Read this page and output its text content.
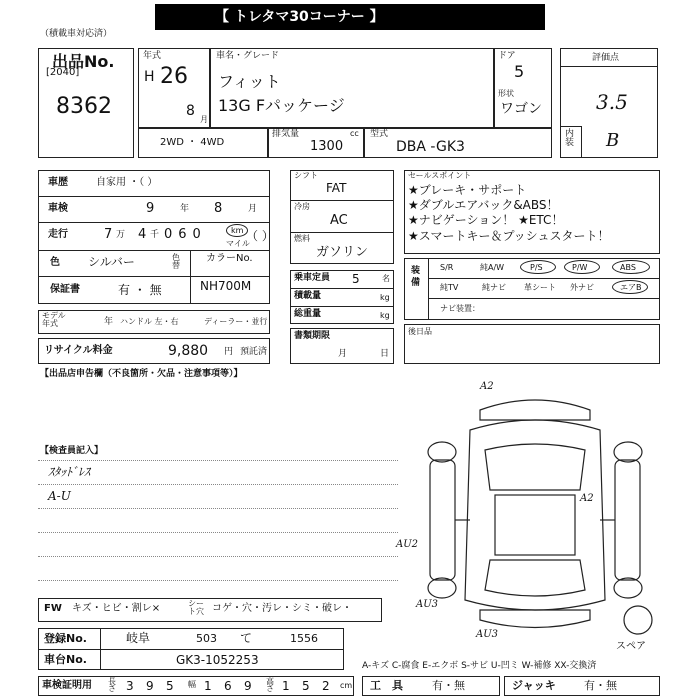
【 トレタマ30コーナー 】
（積載車対応済）
出品No.
[2040]
8362
年式
H 26
8
月
車名・グレード
フィット
13G Fパッケージ
ドア
5
形状
ワゴン
評価点
3.5
内装 B
2WD ・ 4WD
排気量
1300
cc 型式
DBA -GK3
車歴	自家用 ・（ ）
車検	9	年 8	月
走行	7 万 4 千 060	km
マイル
（ ）
色 シルバー	色替
カラーNo.
NH700M
保証書	有 ・ 無
モデル年式	年 ハンドル 左・右	ディーラー・並行
リサイクル料金	9,880 円 預託済
シフト
FAT
冷房
AC
燃料
ガソリン
乗車定員 5	名
積載量	kg
総重量	kg
書類期限
月	日
セールスポイント
★ブレーキ・サポート
★ダブルエアバック&ABS！
★ナビゲーション！ ★ETC！
★スマートキー＆プッシュスタート！
装備
S/R	純A/W	P/S	P/W	ABS
純TV	純ナビ 革シート 外ナビ	エアB
ナビ装置：
後日品
【出品店申告欄（不良箇所・欠品・注意事項等）】
【検査員記入】
ｽﾀｯﾄﾞﾚｽ
A-U
A2
A2
AU2
AU3
AU3
スペア
FW キズ・ヒビ・割レ×	シート穴 コゲ・穴・汚レ・シミ・破レ・
登録No.	岐阜	503 て	1556
車台No.	GK3-1052253	A-キズ C-腐食 E-エクボ S-サビ U-凹ミ W-補修 XX-交換済
車検証明用 長さ 3 9 5 幅 1 6 9 高さ 1 5 2 cm 工　具	有・無	ジャッキ	有・無
